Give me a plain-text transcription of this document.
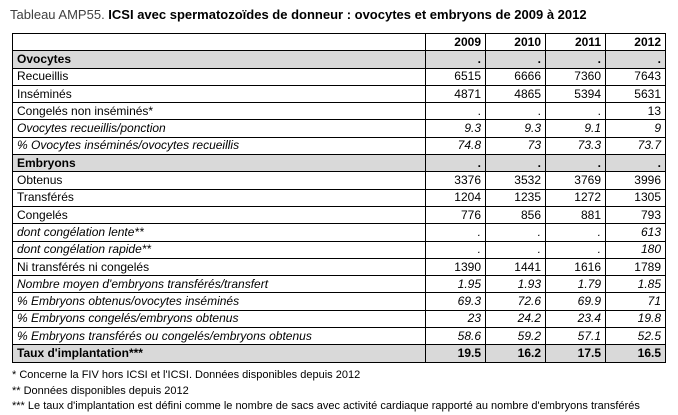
Tableau AMP55. ICSI avec spermatozoïdes de donneur : ovocytes et embryons de 2009 à 2012
	2009	2010	2011	2012
Ovocytes	.	.	.	.
Recueillis	6515	6666	7360	7643
Inséminés	4871	4865	5394	5631
Congelés non inséminés*	.	.	.	13
Ovocytes recueillis/ponction	9.3	9.3	9.1	9
% Ovocytes inséminés/ovocytes recueillis	74.8	73	73.3	73.7
Embryons	.	.	.	.
Obtenus	3376	3532	3769	3996
Transférés	1204	1235	1272	1305
Congelés	776	856	881	793
dont congélation lente**	.	.	.	613
dont congélation rapide**	.	.	.	180
Ni transférés ni congelés	1390	1441	1616	1789
Nombre moyen d'embryons transférés/transfert	1.95	1.93	1.79	1.85
% Embryons obtenus/ovocytes inséminés	69.3	72.6	69.9	71
% Embryons congelés/embryons obtenus	23	24.2	23.4	19.8
% Embryons transférés ou congelés/embryons obtenus	58.6	59.2	57.1	52.5
Taux d'implantation***	19.5	16.2	17.5	16.5
* Concerne la FIV hors ICSI et l'ICSI. Données disponibles depuis 2012
** Données disponibles depuis 2012
*** Le taux d'implantation est défini comme le nombre de sacs avec activité cardiaque rapporté au nombre d'embryons transférés
